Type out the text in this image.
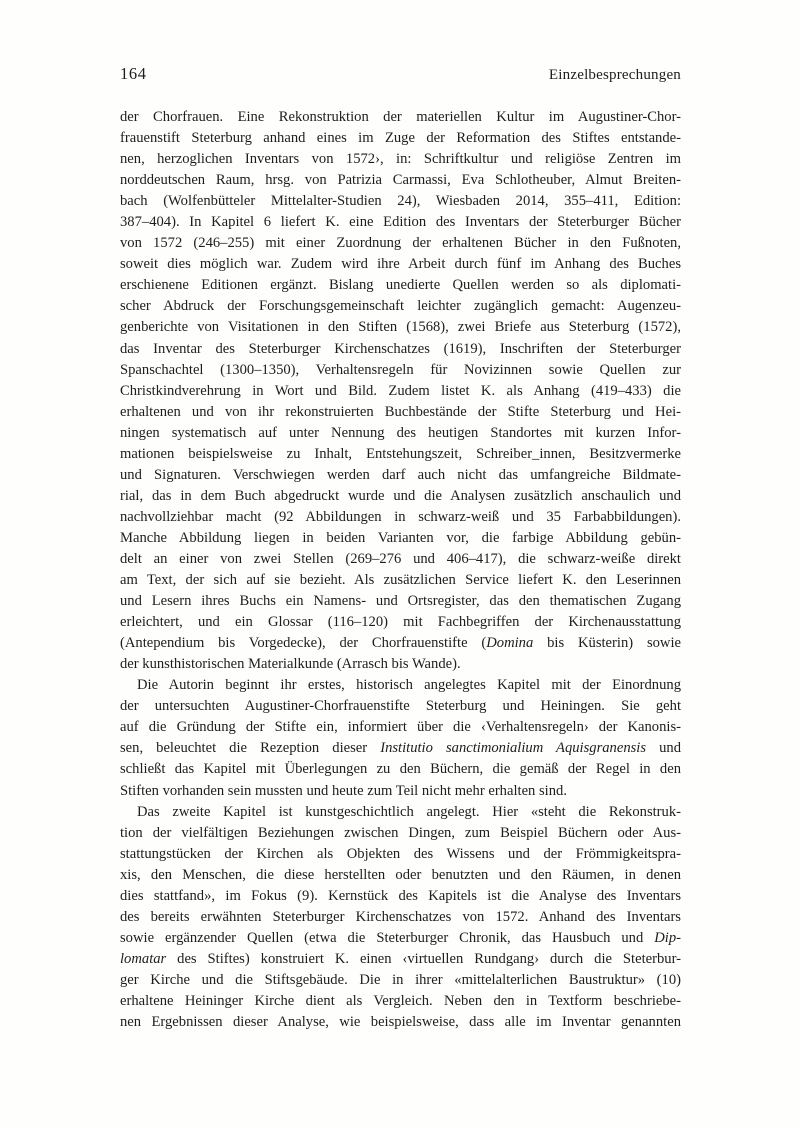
164	Einzelbesprechungen
der Chorfrauen. Eine Rekonstruktion der materiellen Kultur im Augustiner-Chor-
frauenstift Steterburg anhand eines im Zuge der Reformation des Stiftes entstande-
nen, herzoglichen Inventars von 1572›, in: Schriftkultur und religiöse Zentren im
norddeutschen Raum, hrsg. von Patrizia Carmassi, Eva Schlotheuber, Almut Breiten-
bach (Wolfenbütteler Mittelalter-Studien 24), Wiesbaden 2014, 355–411, Edition:
387–404). In Kapitel 6 liefert K. eine Edition des Inventars der Steterburger Bücher
von 1572 (246–255) mit einer Zuordnung der erhaltenen Bücher in den Fußnoten,
soweit dies möglich war. Zudem wird ihre Arbeit durch fünf im Anhang des Buches
erschienene Editionen ergänzt. Bislang unedierte Quellen werden so als diplomati-
scher Abdruck der Forschungsgemeinschaft leichter zugänglich gemacht: Augenzeu-
genberichte von Visitationen in den Stiften (1568), zwei Briefe aus Steterburg (1572),
das Inventar des Steterburger Kirchenschatzes (1619), Inschriften der Steterburger
Spanschachtel (1300–1350), Verhaltensregeln für Novizinnen sowie Quellen zur
Christkindverehrung in Wort und Bild. Zudem listet K. als Anhang (419–433) die
erhaltenen und von ihr rekonstruierten Buchbestände der Stifte Steterburg und Hei-
ningen systematisch auf unter Nennung des heutigen Standortes mit kurzen Infor-
mationen beispielsweise zu Inhalt, Entstehungszeit, Schreiber_innen, Besitzvermerke
und Signaturen. Verschwiegen werden darf auch nicht das umfangreiche Bildmate-
rial, das in dem Buch abgedruckt wurde und die Analysen zusätzlich anschaulich und
nachvollziehbar macht (92 Abbildungen in schwarz-weiß und 35 Farbabbildungen).
Manche Abbildung liegen in beiden Varianten vor, die farbige Abbildung gebün-
delt an einer von zwei Stellen (269–276 und 406–417), die schwarz-weiße direkt
am Text, der sich auf sie bezieht. Als zusätzlichen Service liefert K. den Leserinnen
und Lesern ihres Buchs ein Namens- und Ortsregister, das den thematischen Zugang
erleichtert, und ein Glossar (116–120) mit Fachbegriffen der Kirchenausstattung
(Antependium bis Vorgedecke), der Chorfrauenstifte (Domina bis Küsterin) sowie
der kunsthistorischen Materialkunde (Arrasch bis Wande).
Die Autorin beginnt ihr erstes, historisch angelegtes Kapitel mit der Einordnung
der untersuchten Augustiner-Chorfrauenstifte Steterburg und Heiningen. Sie geht
auf die Gründung der Stifte ein, informiert über die ‹Verhaltensregeln› der Kanonis-
sen, beleuchtet die Rezeption dieser Institutio sanctimonialium Aquisgranensis und
schließt das Kapitel mit Überlegungen zu den Büchern, die gemäß der Regel in den
Stiften vorhanden sein mussten und heute zum Teil nicht mehr erhalten sind.
Das zweite Kapitel ist kunstgeschichtlich angelegt. Hier «steht die Rekonstruk-
tion der vielfältigen Beziehungen zwischen Dingen, zum Beispiel Büchern oder Aus-
stattungstücken der Kirchen als Objekten des Wissens und der Frömmigkeitspra-
xis, den Menschen, die diese herstellten oder benutzten und den Räumen, in denen
dies stattfand», im Fokus (9). Kernstück des Kapitels ist die Analyse des Inventars
des bereits erwähnten Steterburger Kirchenschatzes von 1572. Anhand des Inventars
sowie ergänzender Quellen (etwa die Steterburger Chronik, das Hausbuch und Dip-
lomatar des Stiftes) konstruiert K. einen ‹virtuellen Rundgang› durch die Steterbur-
ger Kirche und die Stiftsgebäude. Die in ihrer «mittelalterlichen Baustruktur» (10)
erhaltene Heininger Kirche dient als Vergleich. Neben den in Textform beschriebe-
nen Ergebnissen dieser Analyse, wie beispielsweise, dass alle im Inventar genannten
